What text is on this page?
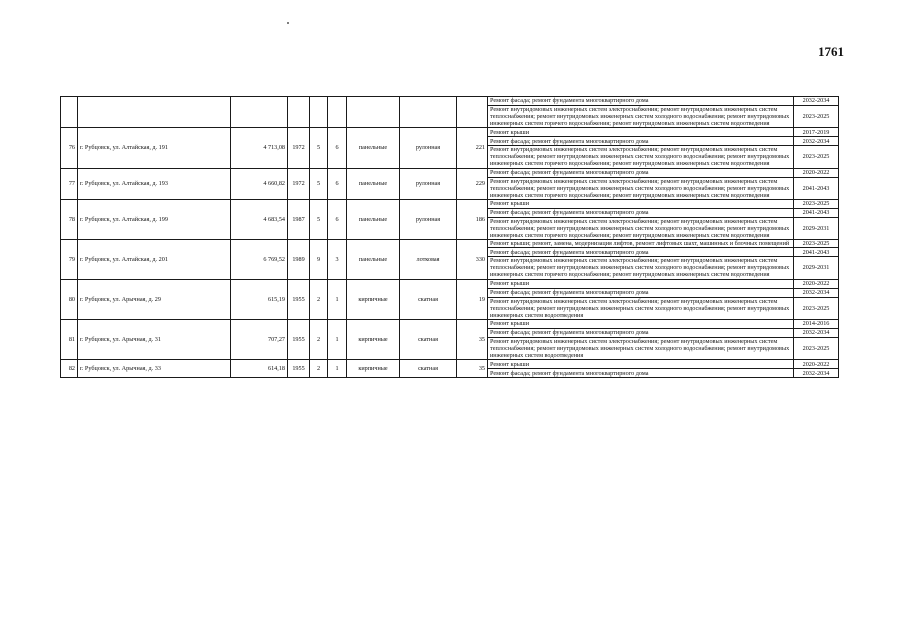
1761
									Ремонт фасада; ремонт фундамента многоквартирного дома	2032-2034
									Ремонт внутридомовых инженерных систем электроснабжения; ремонт внутридомовых инженерных систем теплоснабжения; ремонт внутридомовых инженерных систем холодного водоснабжения; ремонт внутридомовых инженерных систем горячего водоснабжения; ремонт внутридомовых инженерных систем водоотведения	2023-2025
76	г. Рубцовск, ул. Алтайская, д. 191	4 713,08	1972	5	6	панельные	рулонная	221	Ремонт крыши	2017-2019
									Ремонт фасада; ремонт фундамента многоквартирного дома	2032-2034
									Ремонт внутридомовых инженерных систем электроснабжения; ремонт внутридомовых инженерных систем теплоснабжения; ремонт внутридомовых инженерных систем холодного водоснабжения; ремонт внутридомовых инженерных систем горячего водоснабжения; ремонт внутридомовых инженерных систем водоотведения	2023-2025
77	г. Рубцовск, ул. Алтайская, д. 193	4 660,82	1972	5	6	панельные	рулонная	229	Ремонт фасада; ремонт фундамента многоквартирного дома	2020-2022
									Ремонт внутридомовых инженерных систем электроснабжения; ремонт внутридомовых инженерных систем теплоснабжения; ремонт внутридомовых инженерных систем холодного водоснабжения; ремонт внутридомовых инженерных систем горячего водоснабжения; ремонт внутридомовых инженерных систем водоотведения	2041-2043
78	г. Рубцовск, ул. Алтайская, д. 199	4 683,54	1987	5	6	панельные	рулонная	186	Ремонт крыши	2023-2025
									Ремонт фасада; ремонт фундамента многоквартирного дома	2041-2043
									Ремонт внутридомовых инженерных систем электроснабжения; ремонт внутридомовых инженерных систем теплоснабжения; ремонт внутридомовых инженерных систем холодного водоснабжения; ремонт внутридомовых инженерных систем горячего водоснабжения; ремонт внутридомовых инженерных систем водоотведения	2029-2031
79	г. Рубцовск, ул. Алтайская, д. 201	6 769,52	1989	9	3	панельные	лотковая	330	Ремонт крыши; ремонт, замена, модернизация лифтов, ремонт лифтовых шахт, машинных и блочных помещений	2023-2025
									Ремонт фасада; ремонт фундамента многоквартирного дома	2041-2043
									Ремонт внутридомовых инженерных систем электроснабжения; ремонт внутридомовых инженерных систем теплоснабжения; ремонт внутридомовых инженерных систем холодного водоснабжения; ремонт внутридомовых инженерных систем горячего водоснабжения; ремонт внутридомовых инженерных систем водоотведения	2029-2031
80	г. Рубцовск, ул. Арычная, д. 29	615,19	1955	2	1	кирпичные	скатная	19	Ремонт крыши	2020-2022
									Ремонт фасада; ремонт фундамента многоквартирного дома	2032-2034
									Ремонт внутридомовых инженерных систем электроснабжения; ремонт внутридомовых инженерных систем теплоснабжения; ремонт внутридомовых инженерных систем холодного водоснабжения; ремонт внутридомовых инженерных систем водоотведения	2023-2025
81	г. Рубцовск, ул. Арычная, д. 31	707,27	1955	2	1	кирпичные	скатная	35	Ремонт крыши	2014-2016
									Ремонт фасада; ремонт фундамента многоквартирного дома	2032-2034
									Ремонт внутридомовых инженерных систем электроснабжения; ремонт внутридомовых инженерных систем теплоснабжения; ремонт внутридомовых инженерных систем холодного водоснабжения; ремонт внутридомовых инженерных систем водоотведения	2023-2025
82	г. Рубцовск, ул. Арычная, д. 33	614,18	1955	2	1	кирпичные	скатная	35	Ремонт крыши	2020-2022
									Ремонт фасада; ремонт фундамента многоквартирного дома	2032-2034
